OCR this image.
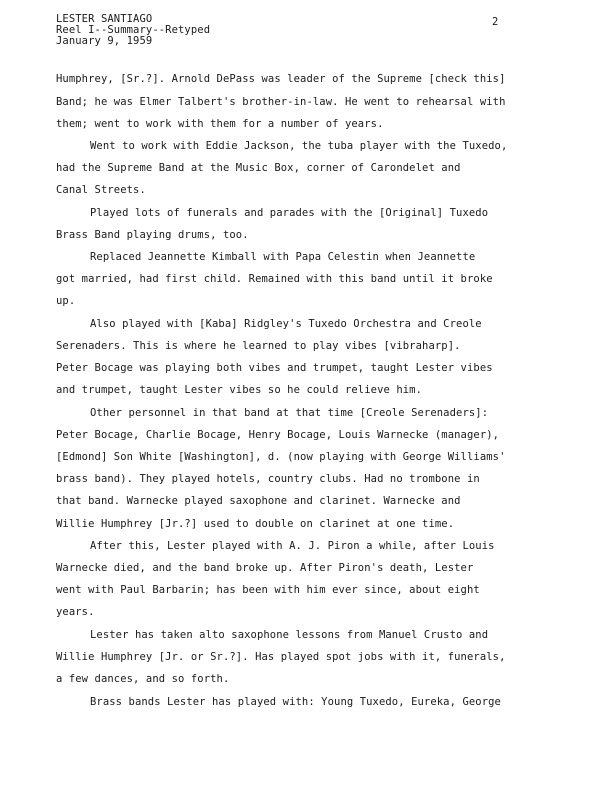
LESTER SANTIAGO
Reel I--Summary--Retyped
January 9, 1959
2
Humphrey, [Sr.?]. Arnold DePass was leader of the Supreme [check this]
Band; he was Elmer Talbert's brother-in-law. He went to rehearsal with
them; went to work with them for a number of years.
Went to work with Eddie Jackson, the tuba player with the Tuxedo,
had the Supreme Band at the Music Box, corner of Carondelet and
Canal Streets.
Played lots of funerals and parades with the [Original] Tuxedo
Brass Band playing drums, too.
Replaced Jeannette Kimball with Papa Celestin when Jeannette
got married, had first child. Remained with this band until it broke
up.
Also played with [Kaba] Ridgley's Tuxedo Orchestra and Creole
Serenaders. This is where he learned to play vibes [vibraharp].
Peter Bocage was playing both vibes and trumpet, taught Lester vibes
and trumpet, taught Lester vibes so he could relieve him.
Other personnel in that band at that time [Creole Serenaders]:
Peter Bocage, Charlie Bocage, Henry Bocage, Louis Warnecke (manager),
[Edmond] Son White [Washington], d. (now playing with George Williams'
brass band). They played hotels, country clubs. Had no trombone in
that band. Warnecke played saxophone and clarinet. Warnecke and
Willie Humphrey [Jr.?] used to double on clarinet at one time.
After this, Lester played with A. J. Piron a while, after Louis
Warnecke died, and the band broke up. After Piron's death, Lester
went with Paul Barbarin; has been with him ever since, about eight
years.
Lester has taken alto saxophone lessons from Manuel Crusto and
Willie Humphrey [Jr. or Sr.?]. Has played spot jobs with it, funerals,
a few dances, and so forth.
Brass bands Lester has played with: Young Tuxedo, Eureka, George
